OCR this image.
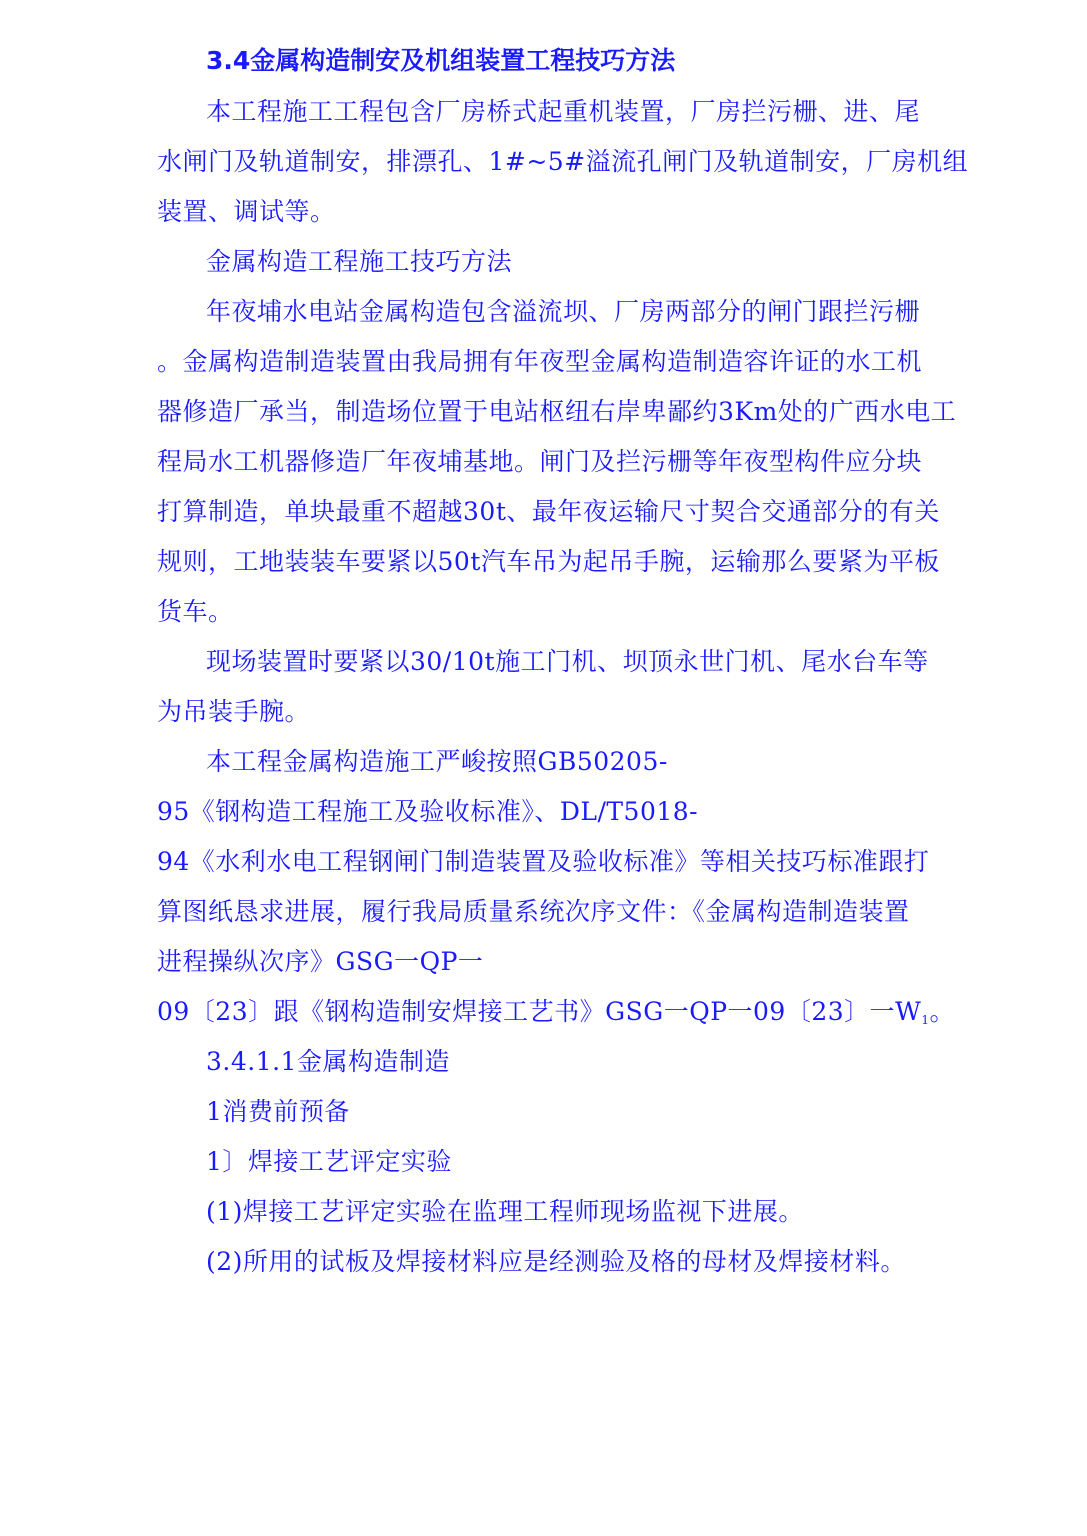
3.4金属构造制安及机组装置工程技巧方法
本工程施工工程包含厂房桥式起重机装置，厂房拦污栅、进、尾
水闸门及轨道制安，排漂孔、1#~5#溢流孔闸门及轨道制安，厂房机组
装置、调试等。
金属构造工程施工技巧方法
年夜埔水电站金属构造包含溢流坝、厂房两部分的闸门跟拦污栅
。金属构造制造装置由我局拥有年夜型金属构造制造容许证的水工机
器修造厂承当，制造场位置于电站枢纽右岸卑鄙约3Km处的广西水电工
程局水工机器修造厂年夜埔基地。闸门及拦污栅等年夜型构件应分块
打算制造，单块最重不超越30t、最年夜运输尺寸契合交通部分的有关
规则，工地装装车要紧以50t汽车吊为起吊手腕，运输那么要紧为平板
货车。
现场装置时要紧以30/10t施工门机、坝顶永世门机、尾水台车等
为吊装手腕。
本工程金属构造施工严峻按照GB50205-
95《钢构造工程施工及验收标准》、DL/T5018-
94《水利水电工程钢闸门制造装置及验收标准》等相关技巧标准跟打
算图纸恳求进展，履行我局质量系统次序文件：《金属构造制造装置
进程操纵次序》GSG一QP一
09〔23〕跟《钢构造制安焊接工艺书》GSG一QP一09〔23〕一$W_1$。
3.4.1.1金属构造制造
1消费前预备
1〕焊接工艺评定实验
(1)焊接工艺评定实验在监理工程师现场监视下进展。
(2)所用的试板及焊接材料应是经测验及格的母材及焊接材料。
